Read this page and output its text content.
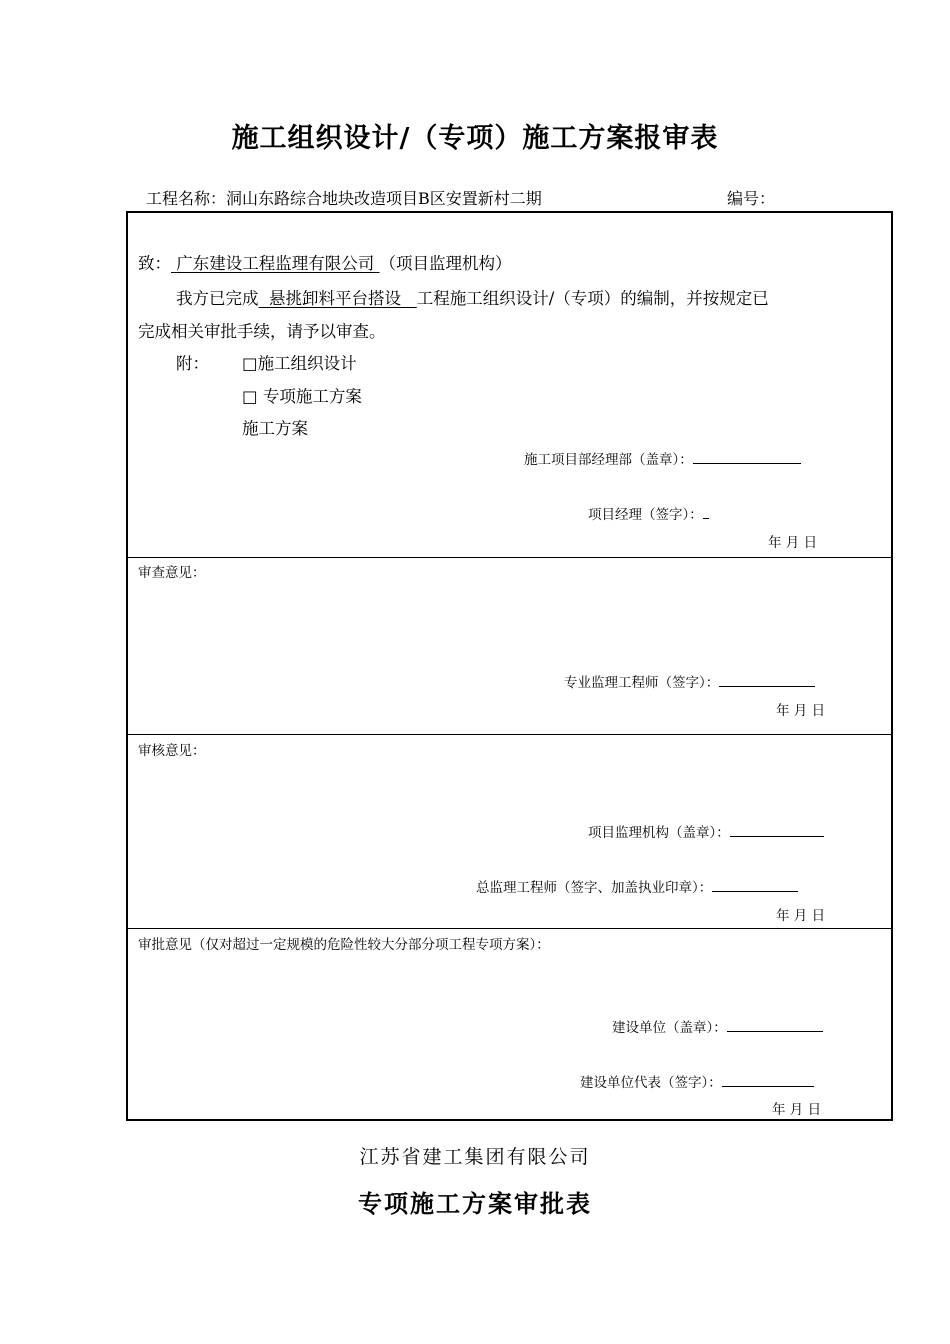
施工组织设计/（专项）施工方案报审表
工程名称：洞山东路综合地块改造项目B区安置新村二期	编号：
致： 广东建设工程监理有限公司 （项目监理机构）
我方已完成 悬挑卸料平台搭设 工程施工组织设计/（专项）的编制，并按规定已
完成相关审批手续，请予以审查。
附： □施工组织设计
□ 专项施工方案
施工方案
施工项目部经理部（盖章）：
项目经理（签字）：
年 月 日
审查意见：
专业监理工程师（签字）：
年 月 日
审核意见：
项目监理机构（盖章）：
总监理工程师（签字、加盖执业印章）：
年 月 日
审批意见（仅对超过一定规模的危险性较大分部分项工程专项方案）：
建设单位（盖章）：
建设单位代表（签字）：
年 月 日
江苏省建工集团有限公司
专项施工方案审批表
